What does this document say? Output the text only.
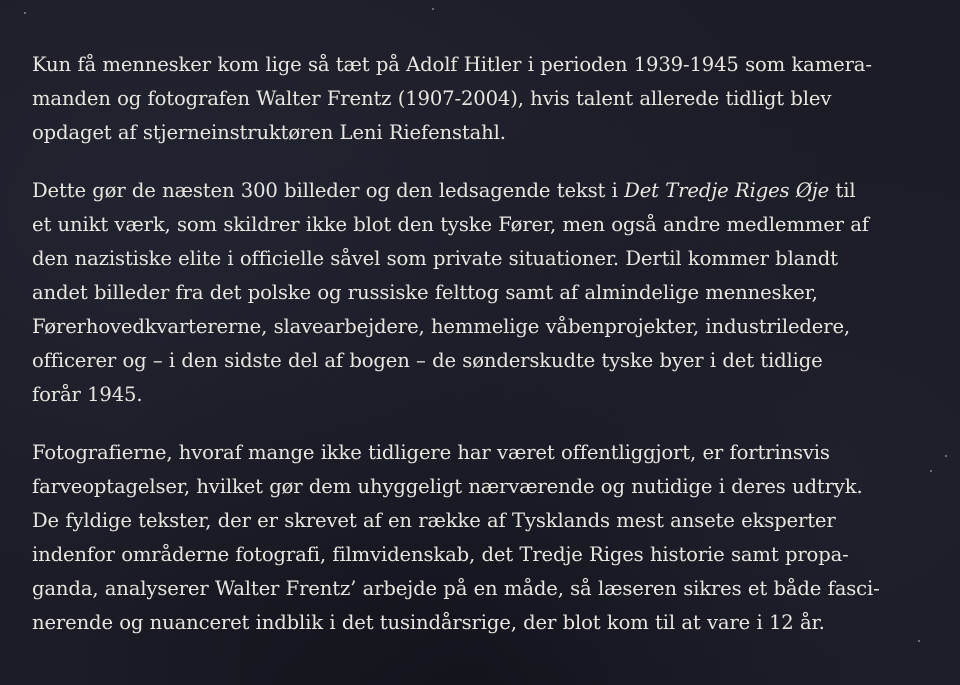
Kun få mennesker kom lige så tæt på Adolf Hitler i perioden 1939-1945 som kamera-
manden og fotografen Walter Frentz (1907-2004), hvis talent allerede tidligt blev
opdaget af stjerneinstruktøren Leni Riefenstahl.

Dette gør de næsten 300 billeder og den ledsagende tekst i Det Tredje Riges Øje til
et unikt værk, som skildrer ikke blot den tyske Fører, men også andre medlemmer af
den nazistiske elite i officielle såvel som private situationer. Dertil kommer blandt
andet billeder fra det polske og russiske felttog samt af almindelige mennesker,
Førerhovedkvartererne, slavearbejdere, hemmelige våbenprojekter, industriledere,
officerer og – i den sidste del af bogen – de sønderskudte tyske byer i det tidlige
forår 1945.

Fotografierne, hvoraf mange ikke tidligere har været offentliggjort, er fortrinsvis
farveoptagelser, hvilket gør dem uhyggeligt nærværende og nutidige i deres udtryk.
De fyldige tekster, der er skrevet af en række af Tysklands mest ansete eksperter
indenfor områderne fotografi, filmvidenskab, det Tredje Riges historie samt propa-
ganda, analyserer Walter Frentz’ arbejde på en måde, så læseren sikres et både fasci-
nerende og nuanceret indblik i det tusindårsrige, der blot kom til at vare i 12 år.
